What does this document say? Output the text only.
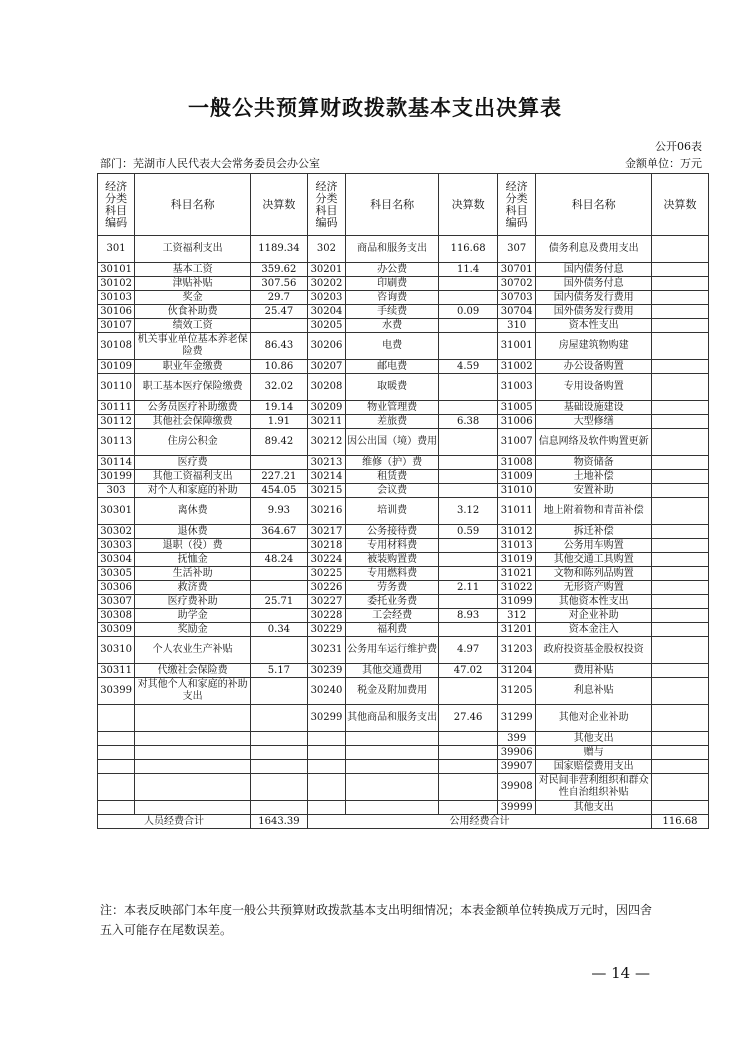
一般公共预算财政拨款基本支出决算表
公开06表
部门：芜湖市人民代表大会常务委员会办公室	金额单位：万元
经济
分类
科目
编码	科目名称	决算数	经济
分类
科目
编码	科目名称	决算数	经济
分类
科目
编码	科目名称	决算数
301	工资福利支出	1189.34	302	商品和服务支出	116.68	307	债务利息及费用支出	
30101	基本工资	359.62	30201	办公费	11.4	30701	国内债务付息	
30102	津贴补贴	307.56	30202	印刷费		30702	国外债务付息	
30103	奖金	29.7	30203	咨询费		30703	国内债务发行费用	
30106	伙食补助费	25.47	30204	手续费	0.09	30704	国外债务发行费用	
30107	绩效工资		30205	水费		310	资本性支出	
30108	机关事业单位基本养老保险费	86.43	30206	电费		31001	房屋建筑物购建	
30109	职业年金缴费	10.86	30207	邮电费	4.59	31002	办公设备购置	
30110	职工基本医疗保险缴费	32.02	30208	取暖费		31003	专用设备购置	
30111	公务员医疗补助缴费	19.14	30209	物业管理费		31005	基础设施建设	
30112	其他社会保障缴费	1.91	30211	差旅费	6.38	31006	大型修缮	
30113	住房公积金	89.42	30212	因公出国（境）费用		31007	信息网络及软件购置更新	
30114	医疗费		30213	维修（护）费		31008	物资储备	
30199	其他工资福利支出	227.21	30214	租赁费		31009	土地补偿	
303	对个人和家庭的补助	454.05	30215	会议费		31010	安置补助	
30301	离休费	9.93	30216	培训费	3.12	31011	地上附着物和青苗补偿	
30302	退休费	364.67	30217	公务接待费	0.59	31012	拆迁补偿	
30303	退职（役）费		30218	专用材料费		31013	公务用车购置	
30304	抚恤金	48.24	30224	被装购置费		31019	其他交通工具购置	
30305	生活补助		30225	专用燃料费		31021	文物和陈列品购置	
30306	救济费		30226	劳务费	2.11	31022	无形资产购置	
30307	医疗费补助	25.71	30227	委托业务费		31099	其他资本性支出	
30308	助学金		30228	工会经费	8.93	312	对企业补助	
30309	奖励金	0.34	30229	福利费		31201	资本金注入	
30310	个人农业生产补贴		30231	公务用车运行维护费	4.97	31203	政府投资基金股权投资	
30311	代缴社会保险费	5.17	30239	其他交通费用	47.02	31204	费用补贴	
30399	对其他个人和家庭的补助支出		30240	税金及附加费用		31205	利息补贴	
			30299	其他商品和服务支出	27.46	31299	其他对企业补助	
						399	其他支出	
						39906	赠与	
						39907	国家赔偿费用支出	
						39908	对民间非营利组织和群众性自治组织补贴	
						39999	其他支出	
人员经费合计		1643.39	公用经费合计					116.68
注：本表反映部门本年度一般公共预算财政拨款基本支出明细情况；本表金额单位转换成万元时，因四舍五入可能存在尾数误差。
— 14 —
